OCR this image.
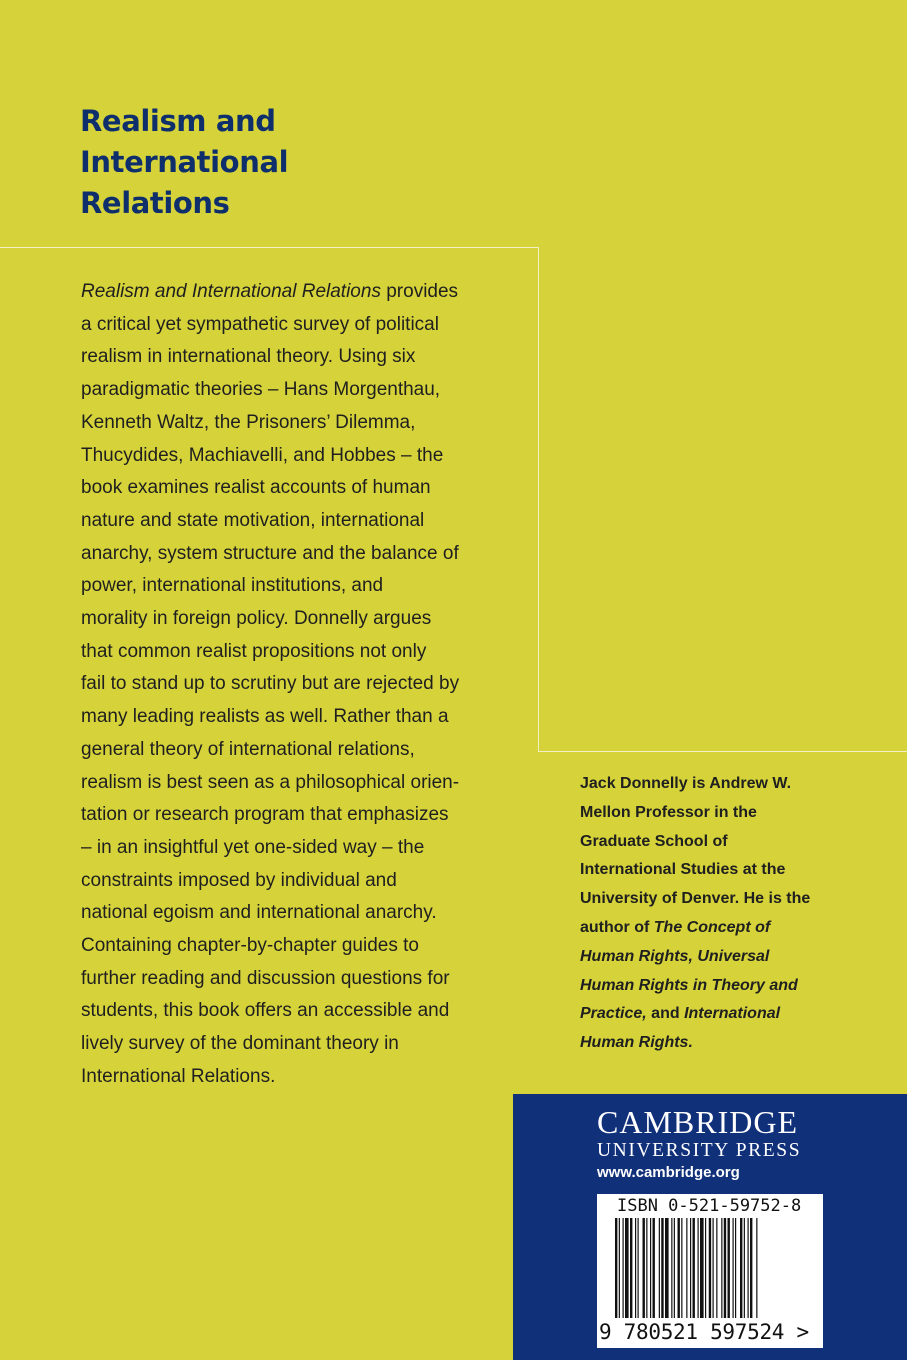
Realism and
International
Relations

Realism and International Relations provides
a critical yet sympathetic survey of political
realism in international theory. Using six
paradigmatic theories – Hans Morgenthau,
Kenneth Waltz, the Prisoners’ Dilemma,
Thucydides, Machiavelli, and Hobbes – the
book examines realist accounts of human
nature and state motivation, international
anarchy, system structure and the balance of
power, international institutions, and
morality in foreign policy. Donnelly argues
that common realist propositions not only
fail to stand up to scrutiny but are rejected by
many leading realists as well. Rather than a
general theory of international relations,
realism is best seen as a philosophical orien-
tation or research program that emphasizes
– in an insightful yet one-sided way – the
constraints imposed by individual and
national egoism and international anarchy.
Containing chapter-by-chapter guides to
further reading and discussion questions for
students, this book offers an accessible and
lively survey of the dominant theory in
International Relations.

Jack Donnelly is Andrew W.
Mellon Professor in the
Graduate School of
International Studies at the
University of Denver. He is the
author of The Concept of
Human Rights, Universal
Human Rights in Theory and
Practice, and International
Human Rights.

CAMBRIDGE
UNIVERSITY PRESS
www.cambridge.org
ISBN 0-521-59752-8
9 780521 597524 >
